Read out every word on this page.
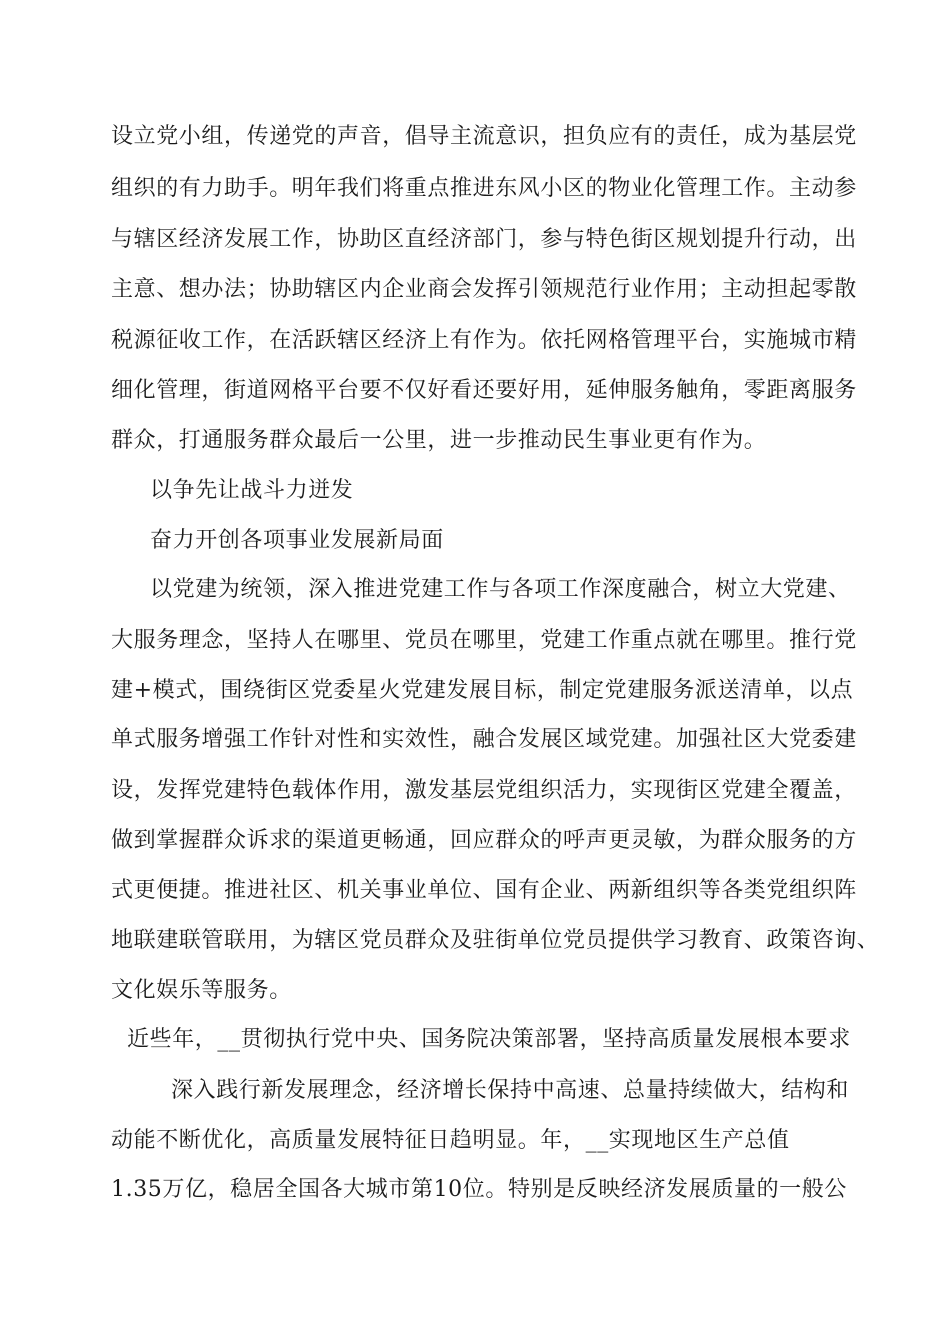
设立党小组，传递党的声音，倡导主流意识，担负应有的责任，成为基层党
组织的有力助手。明年我们将重点推进东风小区的物业化管理工作。主动参
与辖区经济发展工作，协助区直经济部门，参与特色街区规划提升行动，出
主意、想办法；协助辖区内企业商会发挥引领规范行业作用；主动担起零散
税源征收工作，在活跃辖区经济上有作为。依托网格管理平台，实施城市精
细化管理，街道网格平台要不仅好看还要好用，延伸服务触角，零距离服务
群众，打通服务群众最后一公里，进一步推动民生事业更有作为。
以争先让战斗力迸发
奋力开创各项事业发展新局面
以党建为统领，深入推进党建工作与各项工作深度融合，树立大党建、
大服务理念，坚持人在哪里、党员在哪里，党建工作重点就在哪里。推行党
建+模式，围绕街区党委星火党建发展目标，制定党建服务派送清单，以点
单式服务增强工作针对性和实效性，融合发展区域党建。加强社区大党委建
设，发挥党建特色载体作用，激发基层党组织活力，实现街区党建全覆盖，
做到掌握群众诉求的渠道更畅通，回应群众的呼声更灵敏，为群众服务的方
式更便捷。推进社区、机关事业单位、国有企业、两新组织等各类党组织阵
地联建联管联用，为辖区党员群众及驻街单位党员提供学习教育、政策咨询、
文化娱乐等服务。
近些年，__贯彻执行党中央、国务院决策部署，坚持高质量发展根本要求
深入践行新发展理念，经济增长保持中高速、总量持续做大，结构和
动能不断优化，高质量发展特征日趋明显。年，__实现地区生产总值
1.35万亿，稳居全国各大城市第10位。特别是反映经济发展质量的一般公
